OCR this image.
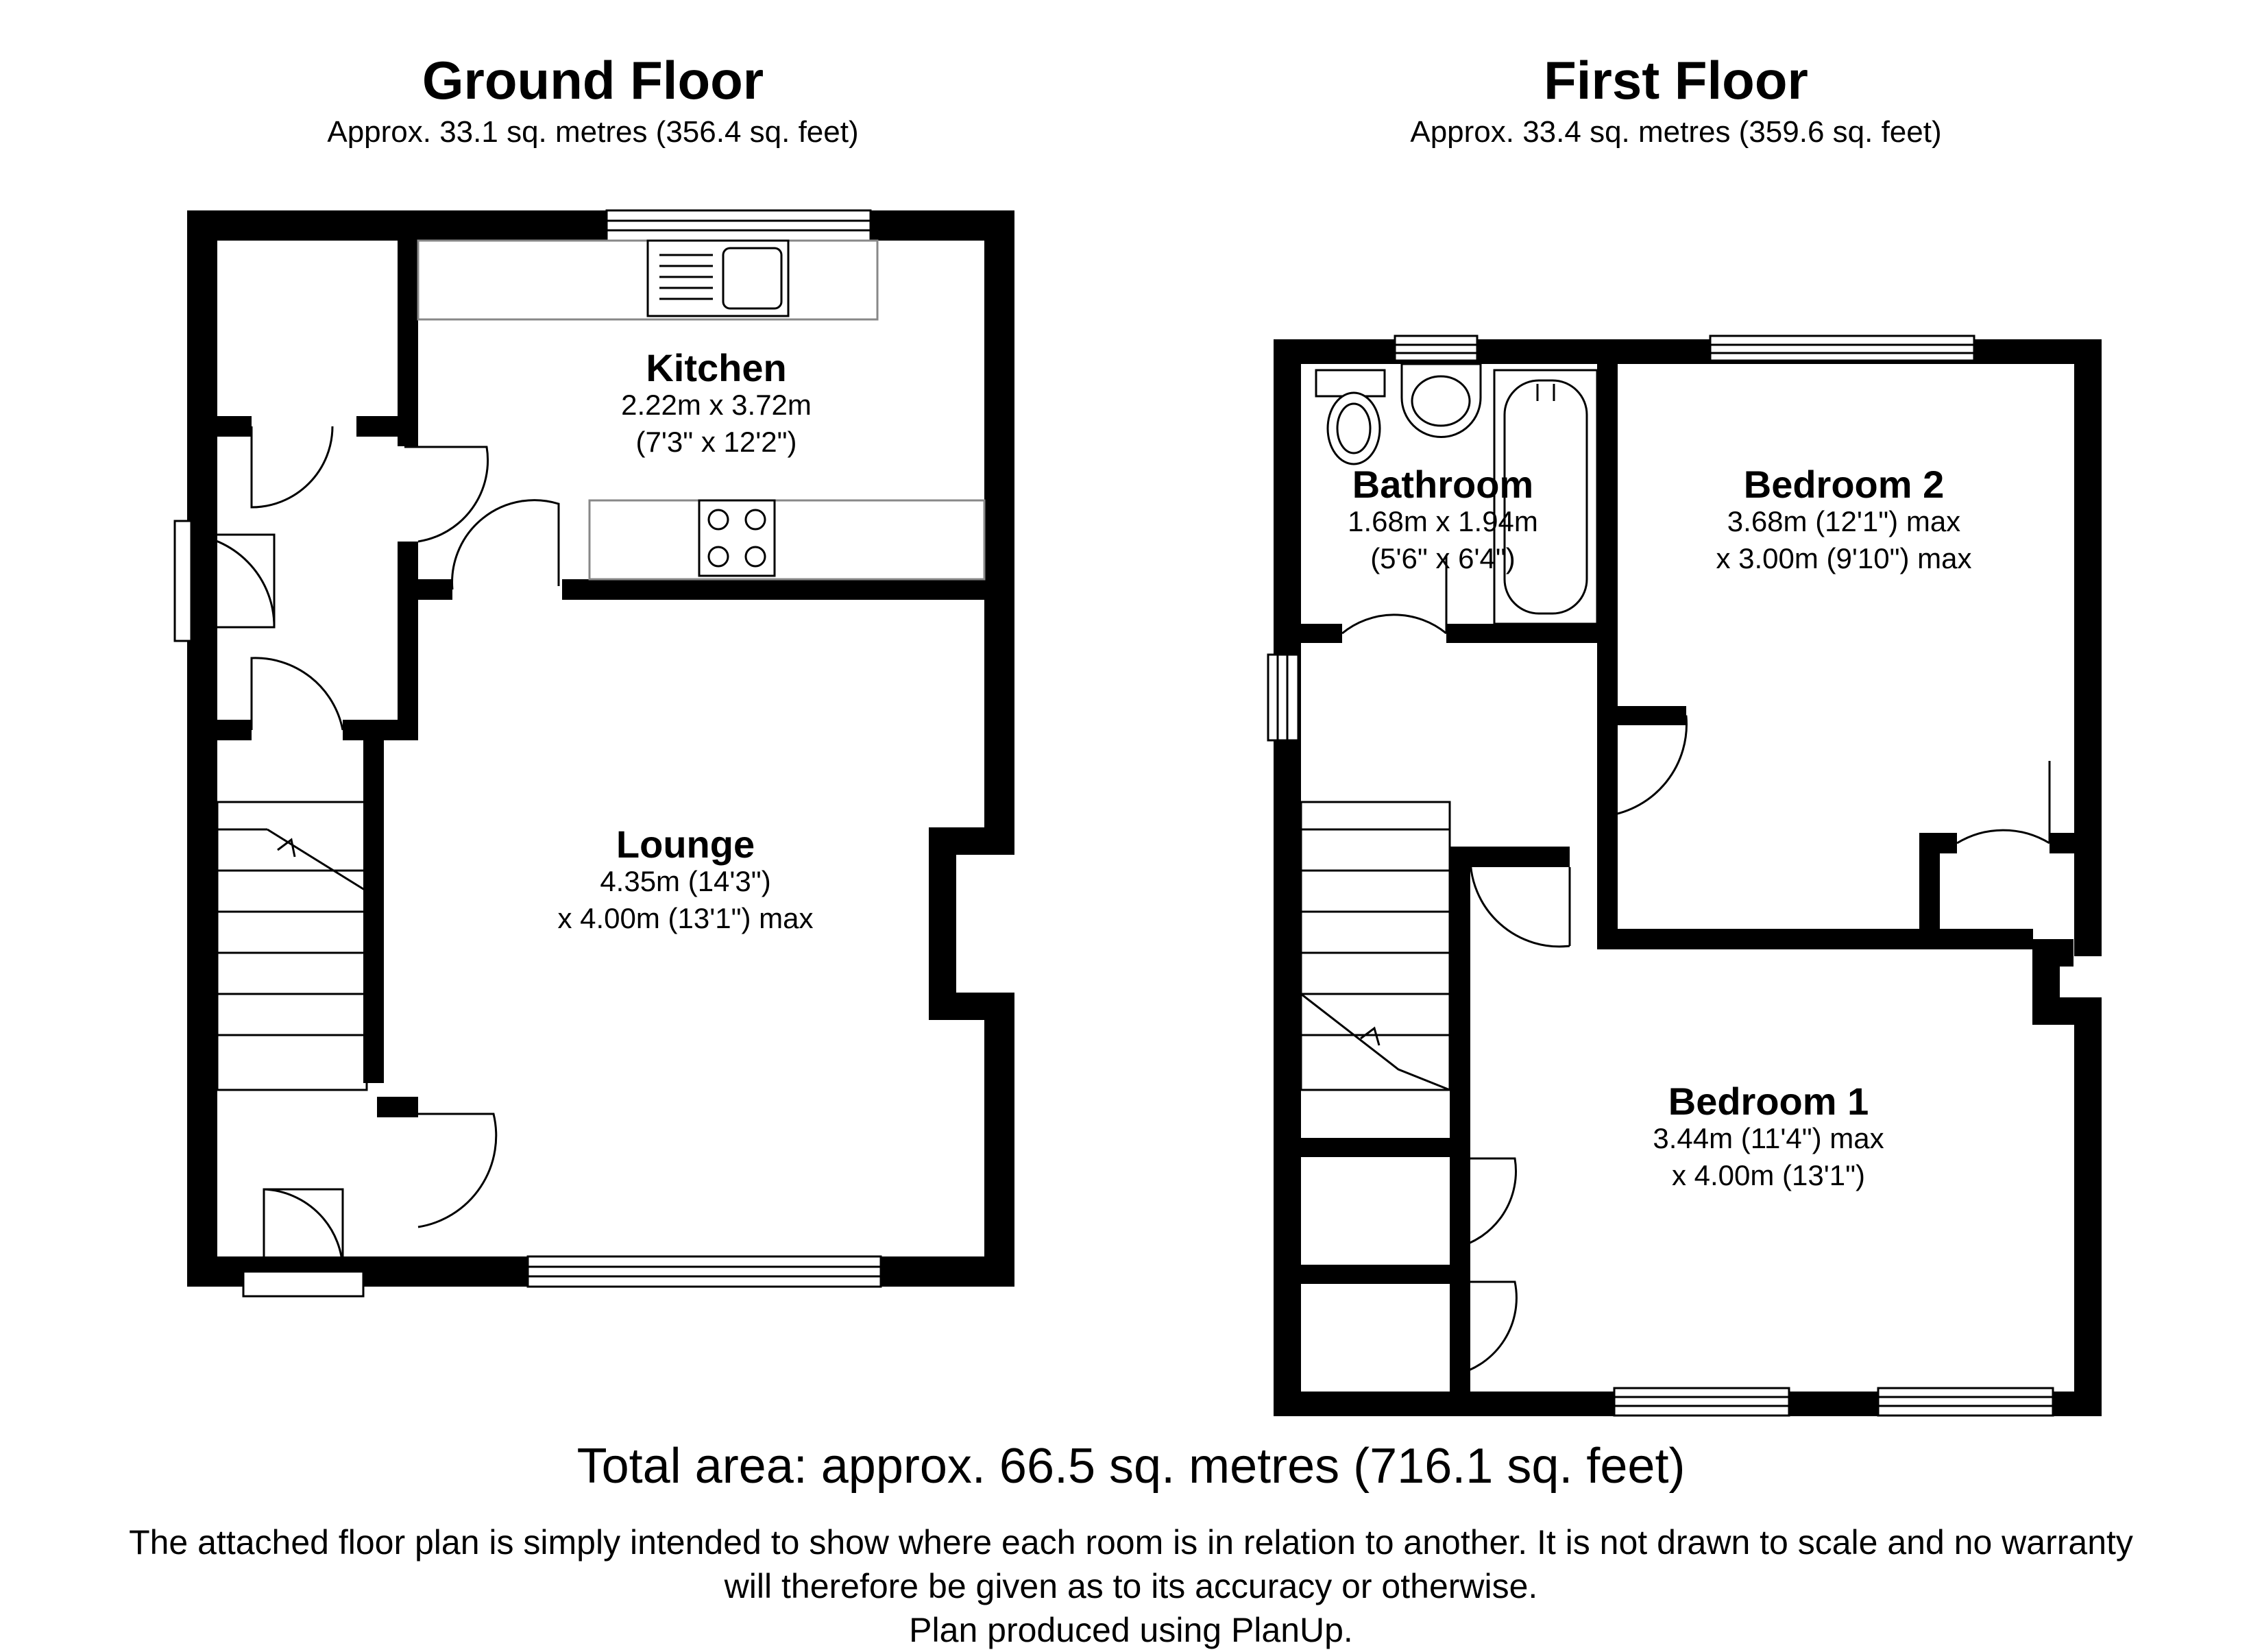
Ground Floor
Approx. 33.1 sq. metres (356.4 sq. feet)
First Floor
Approx. 33.4 sq. metres (359.6 sq. feet)
Kitchen
2.22m x 3.72m
(7'3" x 12'2")
Lounge
4.35m (14'3")
x 4.00m (13'1") max
Bathroom
1.68m x 1.94m
(5'6" x 6'4")
Bedroom 2
3.68m (12'1") max
x 3.00m (9'10") max
Bedroom 1
3.44m (11'4") max
x 4.00m (13'1")
Total area: approx. 66.5 sq. metres (716.1 sq. feet)
The attached floor plan is simply intended to show where each room is in relation to another. It is not drawn to scale and no warranty
will therefore be given as to its accuracy or otherwise.
Plan produced using PlanUp.
